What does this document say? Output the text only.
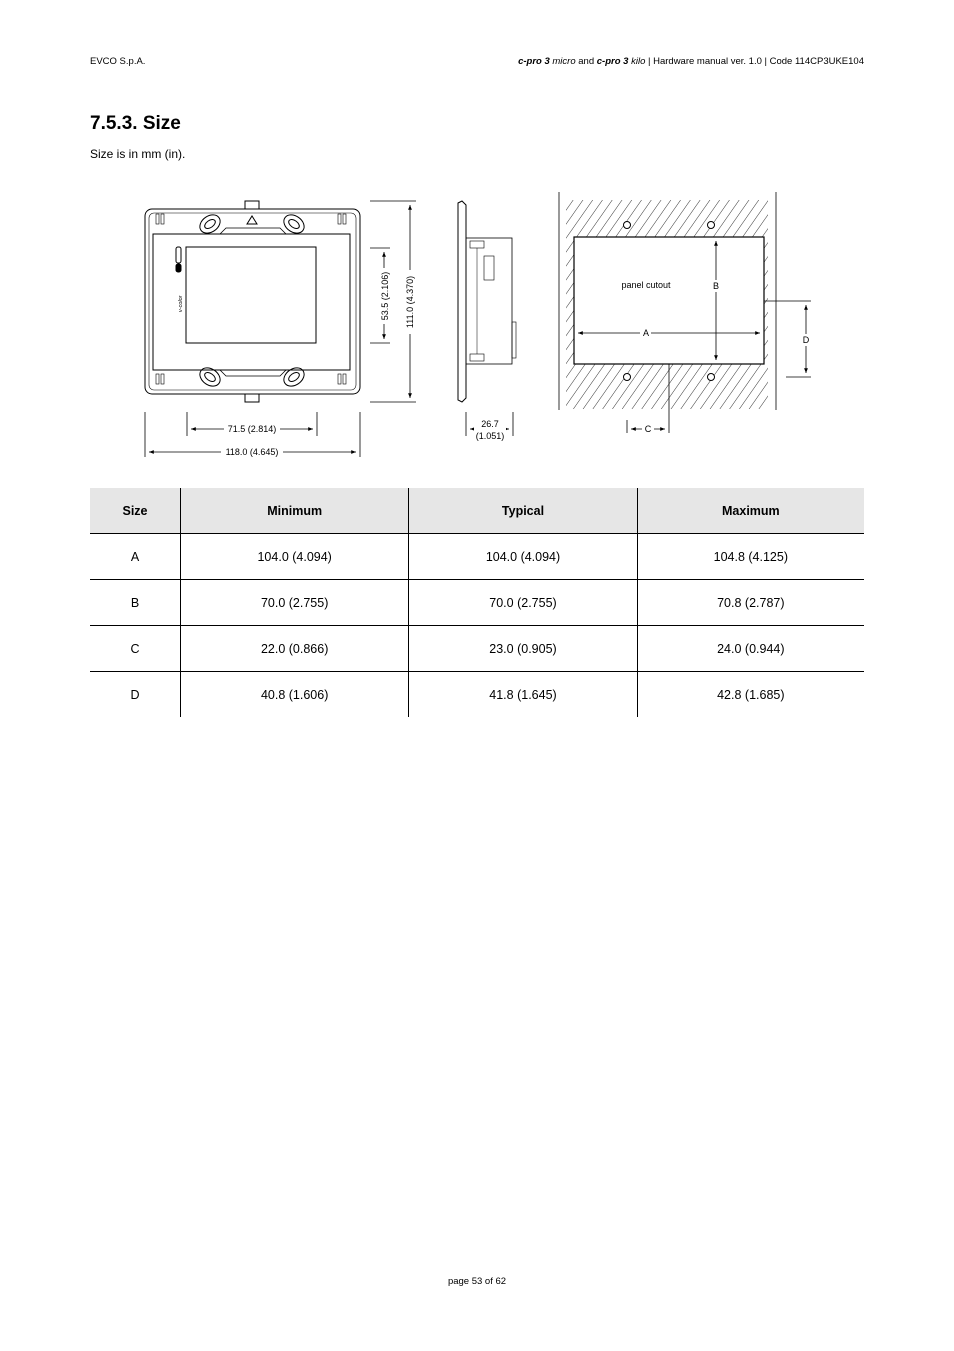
EVCO S.p.A.	c-pro 3 micro and c-pro 3 kilo | Hardware manual ver. 1.0 | Code 114CP3UKE104
7.5.3. Size

Size is in mm (in).

v-color	53.5 (2.106) 111.0 (4.370)
71.5 (2.814)
118.0 (4.645)
26.7
(1.051)
panel cutout
A
B
C
D
Size	Minimum	Typical	Maximum
A	104.0 (4.094)	104.0 (4.094)	104.8 (4.125)
B	70.0 (2.755)	70.0 (2.755)	70.8 (2.787)
C	22.0 (0.866)	23.0 (0.905)	24.0 (0.944)
D	40.8 (1.606)	41.8 (1.645)	42.8 (1.685)
page 53 of 62
